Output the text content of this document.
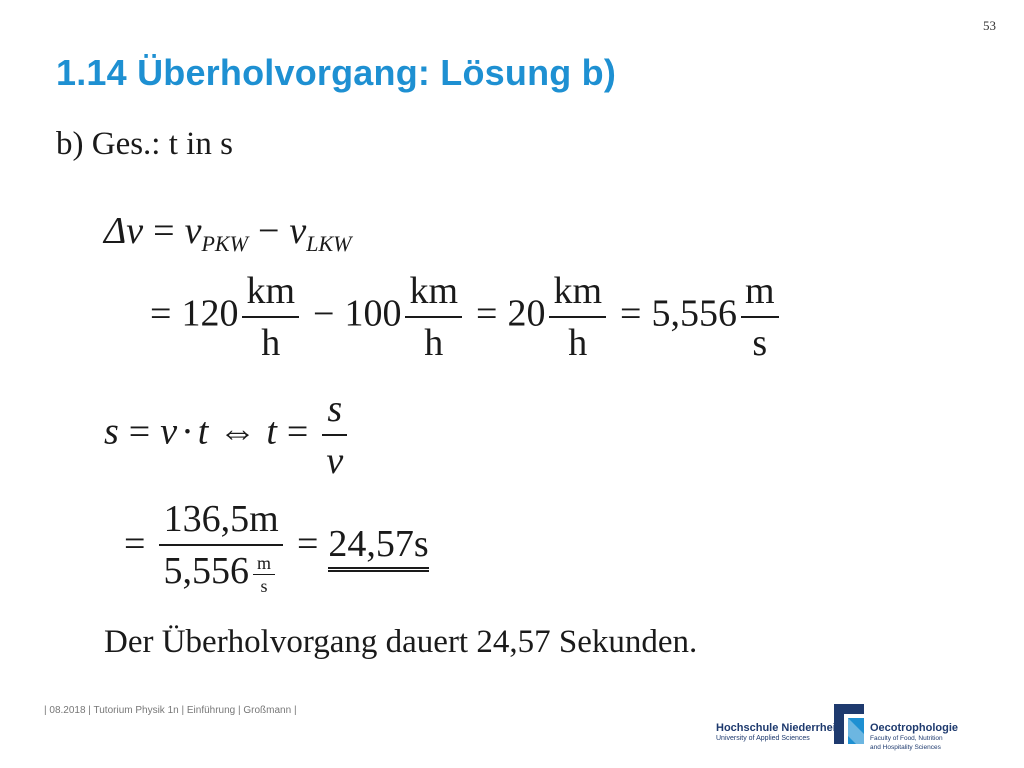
53
1.14 Überholvorgang: Lösung b)
b) Ges.: t in s
$\Delta v = v_{PKW} - v_{LKW}$
= $120 \frac{km}{h} - 100 \frac{km}{h} = 20 \frac{km}{h} = 5,556 \frac{m}{s}$
s = v · t ⇔ $t = \frac{s}{v}$
= $\frac{136,5m}{5,556 \frac{m}{s}} = 24,57s$
Der Überholvorgang dauert 24,57 Sekunden.
| 08.2018 | Tutorium Physik 1n | Einführung | Großmann |
Hochschule Niederrhein
University of Applied Sciences
Oecotrophologie
Faculty of Food, Nutrition
and Hospitality Sciences
